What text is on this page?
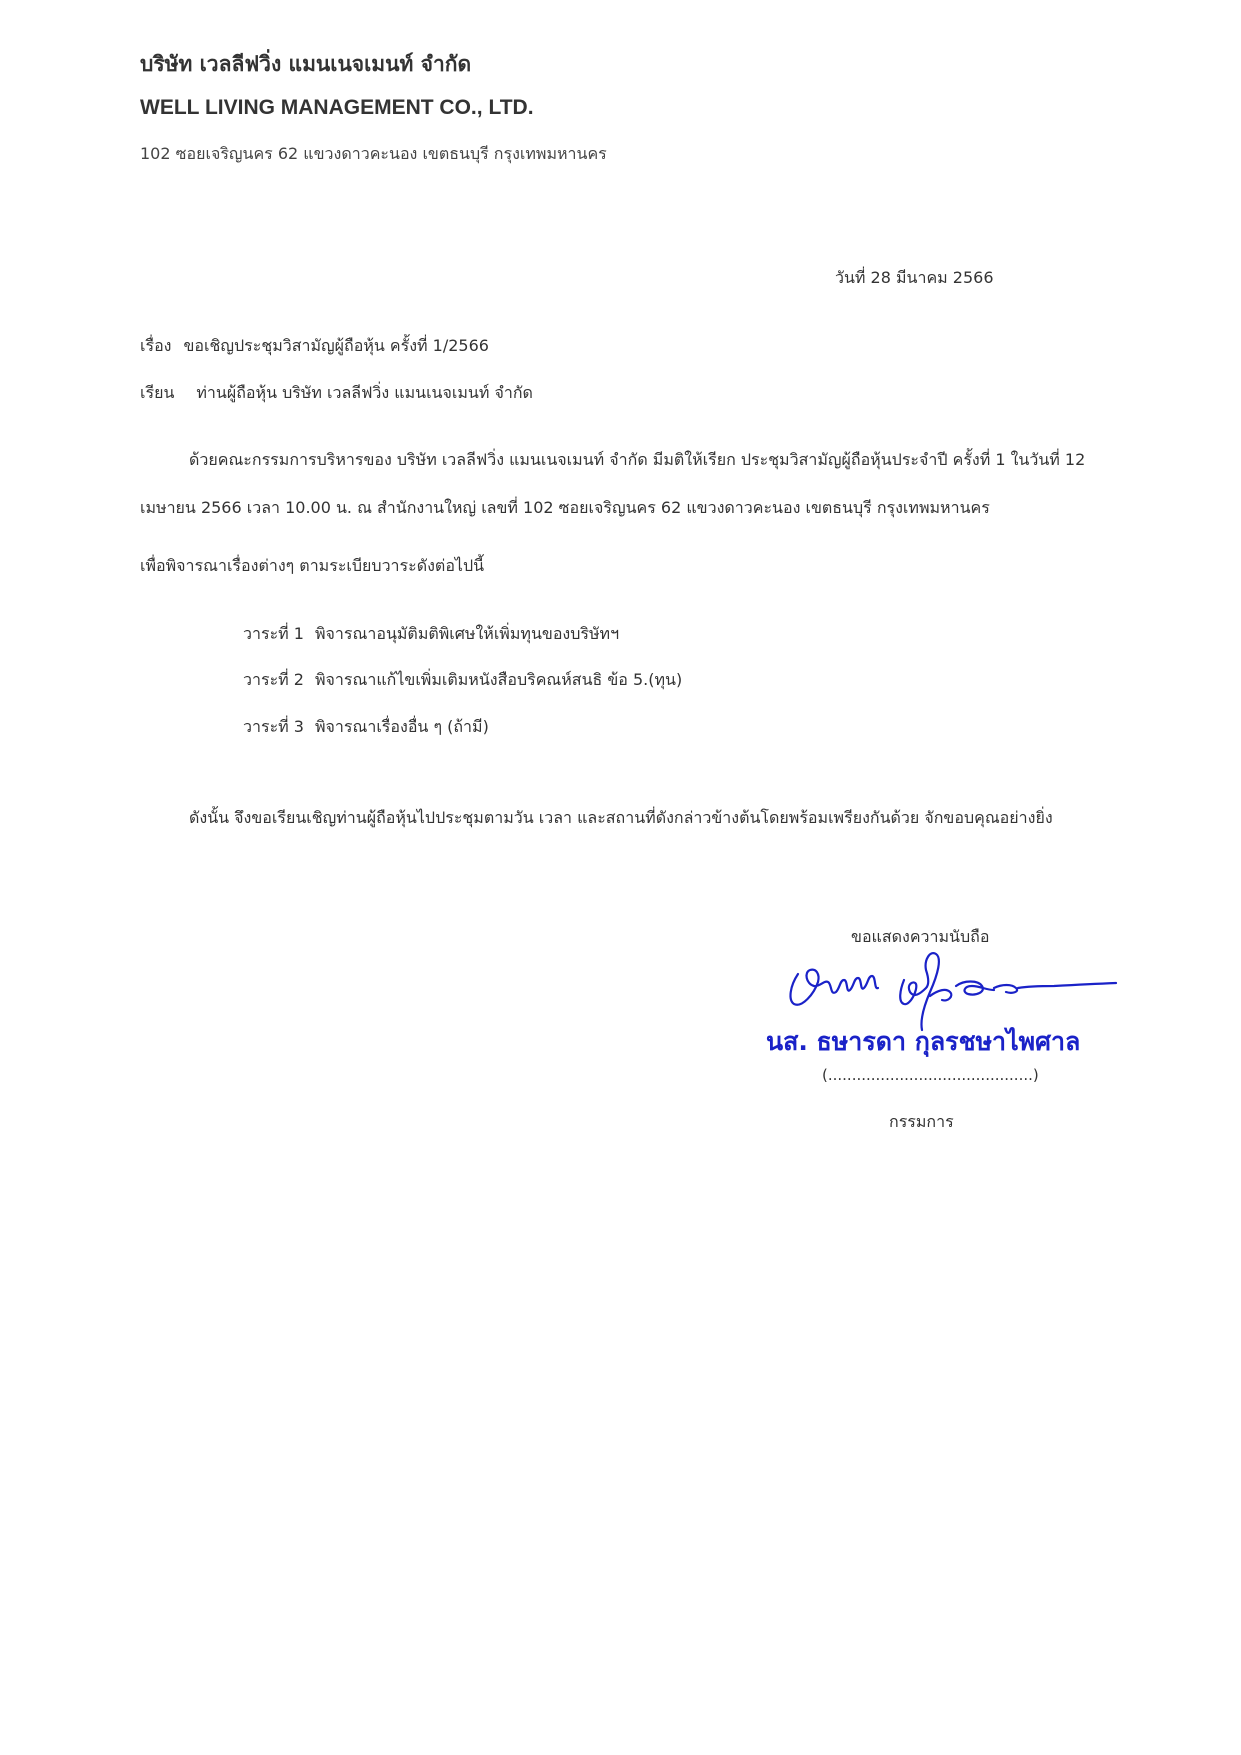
บริษัท เวลลีฟวิ่ง แมนเนจเมนท์ จำกัด
WELL LIVING MANAGEMENT CO., LTD.
102 ซอยเจริญนคร 62 แขวงดาวคะนอง เขตธนบุรี กรุงเทพมหานคร
วันที่ 28 มีนาคม 2566
เรื่อง ขอเชิญประชุมวิสามัญผู้ถือหุ้น ครั้งที่ 1/2566
เรียน ท่านผู้ถือหุ้น บริษัท เวลลีฟวิ่ง แมนเนจเมนท์ จำกัด
ด้วยคณะกรรมการบริหารของ บริษัท เวลลีฟวิ่ง แมนเนจเมนท์ จำกัด มีมติให้เรียก ประชุมวิสามัญผู้ถือหุ้นประจำปี ครั้งที่ 1 ในวันที่ 12
เมษายน 2566 เวลา 10.00 น. ณ สำนักงานใหญ่ เลขที่ 102 ซอยเจริญนคร 62 แขวงดาวคะนอง เขตธนบุรี กรุงเทพมหานคร
เพื่อพิจารณาเรื่องต่างๆ ตามระเบียบวาระดังต่อไปนี้
วาระที่ 1 พิจารณาอนุมัติมติพิเศษให้เพิ่มทุนของบริษัทฯ
วาระที่ 2 พิจารณาแก้ไขเพิ่มเติมหนังสือบริคณห์สนธิ ข้อ 5.(ทุน)
วาระที่ 3 พิจารณาเรื่องอื่น ๆ (ถ้ามี)
ดังนั้น จึงขอเรียนเชิญท่านผู้ถือหุ้นไปประชุมตามวัน เวลา และสถานที่ดังกล่าวข้างต้นโดยพร้อมเพรียงกันด้วย จักขอบคุณอย่างยิ่ง
ขอแสดงความนับถือ
นส. ธษารดา กุลรชษาไพศาล
(...........................................)
กรรมการ
